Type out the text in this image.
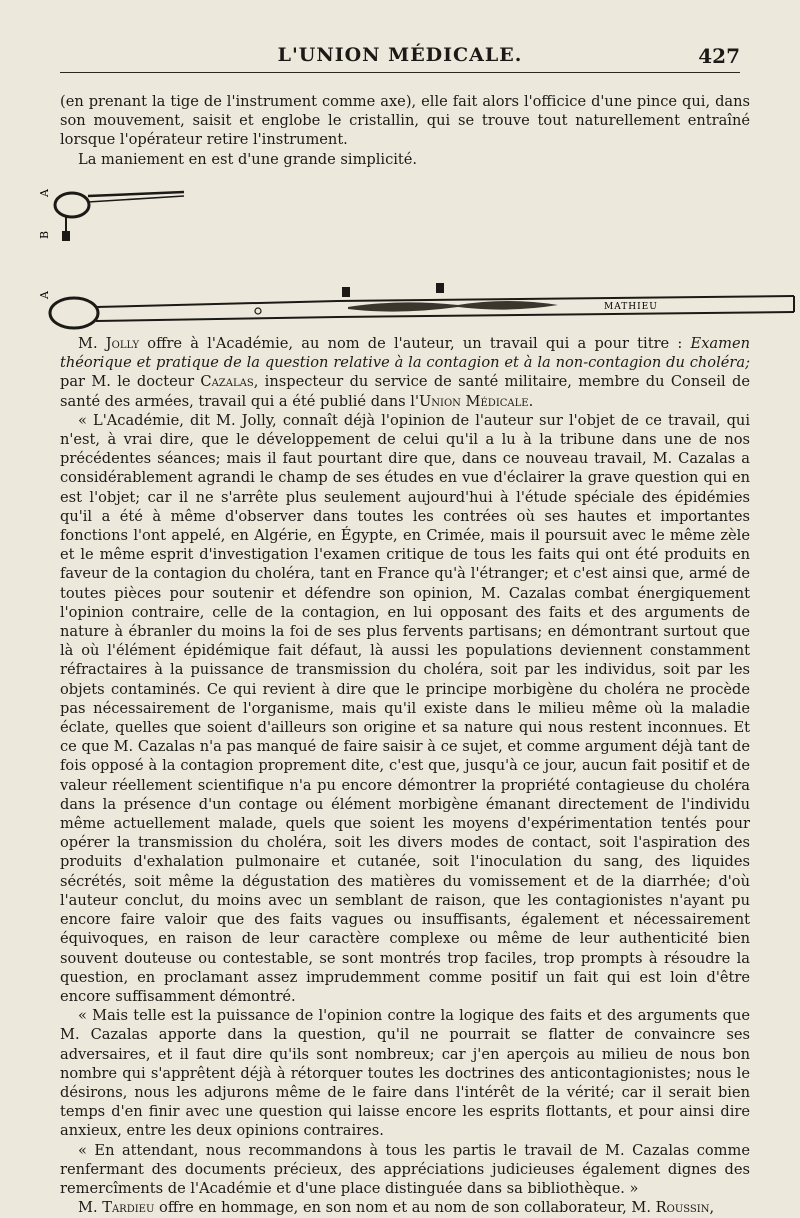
L'UNION MÉDICALE.	427

(en prenant la tige de l'instrument comme axe), elle fait alors l'officice d'une pince qui, dans son mouvement, saisit et englobe le cristallin, qui se trouve tout naturellement entraîné lorsque l'opérateur retire l'instrument.

La maniement en est d'une grande simplicité.

A
B
A
MATHIEU

M. Jolly offre à l'Académie, au nom de l'auteur, un travail qui a pour titre : Examen théorique et pratique de la question relative à la contagion et à la non-contagion du choléra; par M. le docteur Cazalas, inspecteur du service de santé militaire, membre du Conseil de santé des armées, travail qui a été publié dans l'Union Médicale.

« L'Académie, dit M. Jolly, connaît déjà l'opinion de l'auteur sur l'objet de ce travail, qui n'est, à vrai dire, que le développement de celui qu'il a lu à la tribune dans une de nos précédentes séances; mais il faut pourtant dire que, dans ce nouveau travail, M. Cazalas a considérablement agrandi le champ de ses études en vue d'éclairer la grave question qui en est l'objet; car il ne s'arrête plus seulement aujourd'hui à l'étude spéciale des épidémies qu'il a été à même d'observer dans toutes les contrées où ses hautes et importantes fonctions l'ont appelé, en Algérie, en Égypte, en Crimée, mais il poursuit avec le même zèle et le même esprit d'investigation l'examen critique de tous les faits qui ont été produits en faveur de la contagion du choléra, tant en France qu'à l'étranger; et c'est ainsi que, armé de toutes pièces pour soutenir et défendre son opinion, M. Cazalas combat énergiquement l'opinion contraire, celle de la contagion, en lui opposant des faits et des arguments de nature à ébranler du moins la foi de ses plus fervents partisans; en démontrant surtout que là où l'élément épidémique fait défaut, là aussi les populations deviennent constamment réfractaires à la puissance de transmission du choléra, soit par les individus, soit par les objets contaminés. Ce qui revient à dire que le principe morbigène du choléra ne procède pas nécessairement de l'organisme, mais qu'il existe dans le milieu même où la maladie éclate, quelles que soient d'ailleurs son origine et sa nature qui nous restent inconnues. Et ce que M. Cazalas n'a pas manqué de faire saisir à ce sujet, et comme argument déjà tant de fois opposé à la contagion proprement dite, c'est que, jusqu'à ce jour, aucun fait positif et de valeur réellement scientifique n'a pu encore démontrer la propriété contagieuse du choléra dans la présence d'un contage ou élément morbigène émanant directement de l'individu même actuellement malade, quels que soient les moyens d'expérimentation tentés pour opérer la transmission du choléra, soit les divers modes de contact, soit l'aspiration des produits d'exhalation pulmonaire et cutanée, soit l'inoculation du sang, des liquides sécrétés, soit même la dégustation des matières du vomissement et de la diarrhée; d'où l'auteur conclut, du moins avec un semblant de raison, que les contagionistes n'ayant pu encore faire valoir que des faits vagues ou insuffisants, également et nécessairement équivoques, en raison de leur caractère complexe ou même de leur authenticité bien souvent douteuse ou contestable, se sont montrés trop faciles, trop prompts à résoudre la question, en proclamant assez imprudemment comme positif un fait qui est loin d'être encore suffisamment démontré.

« Mais telle est la puissance de l'opinion contre la logique des faits et des arguments que M. Cazalas apporte dans la question, qu'il ne pourrait se flatter de convaincre ses adversaires, et il faut dire qu'ils sont nombreux; car j'en aperçois au milieu de nous bon nombre qui s'apprêtent déjà à rétorquer toutes les doctrines des anticontagionistes; nous le désirons, nous les adjurons même de le faire dans l'intérêt de la vérité; car il serait bien temps d'en finir avec une question qui laisse encore les esprits flottants, et pour ainsi dire anxieux, entre les deux opinions contraires.

« En attendant, nous recommandons à tous les partis le travail de M. Cazalas comme renfermant des documents précieux, des appréciations judicieuses également dignes des remercîments de l'Académie et d'une place distinguée dans sa bibliothèque. »

M. Tardieu offre en hommage, en son nom et au nom de son collaborateur, M. Roussin,
